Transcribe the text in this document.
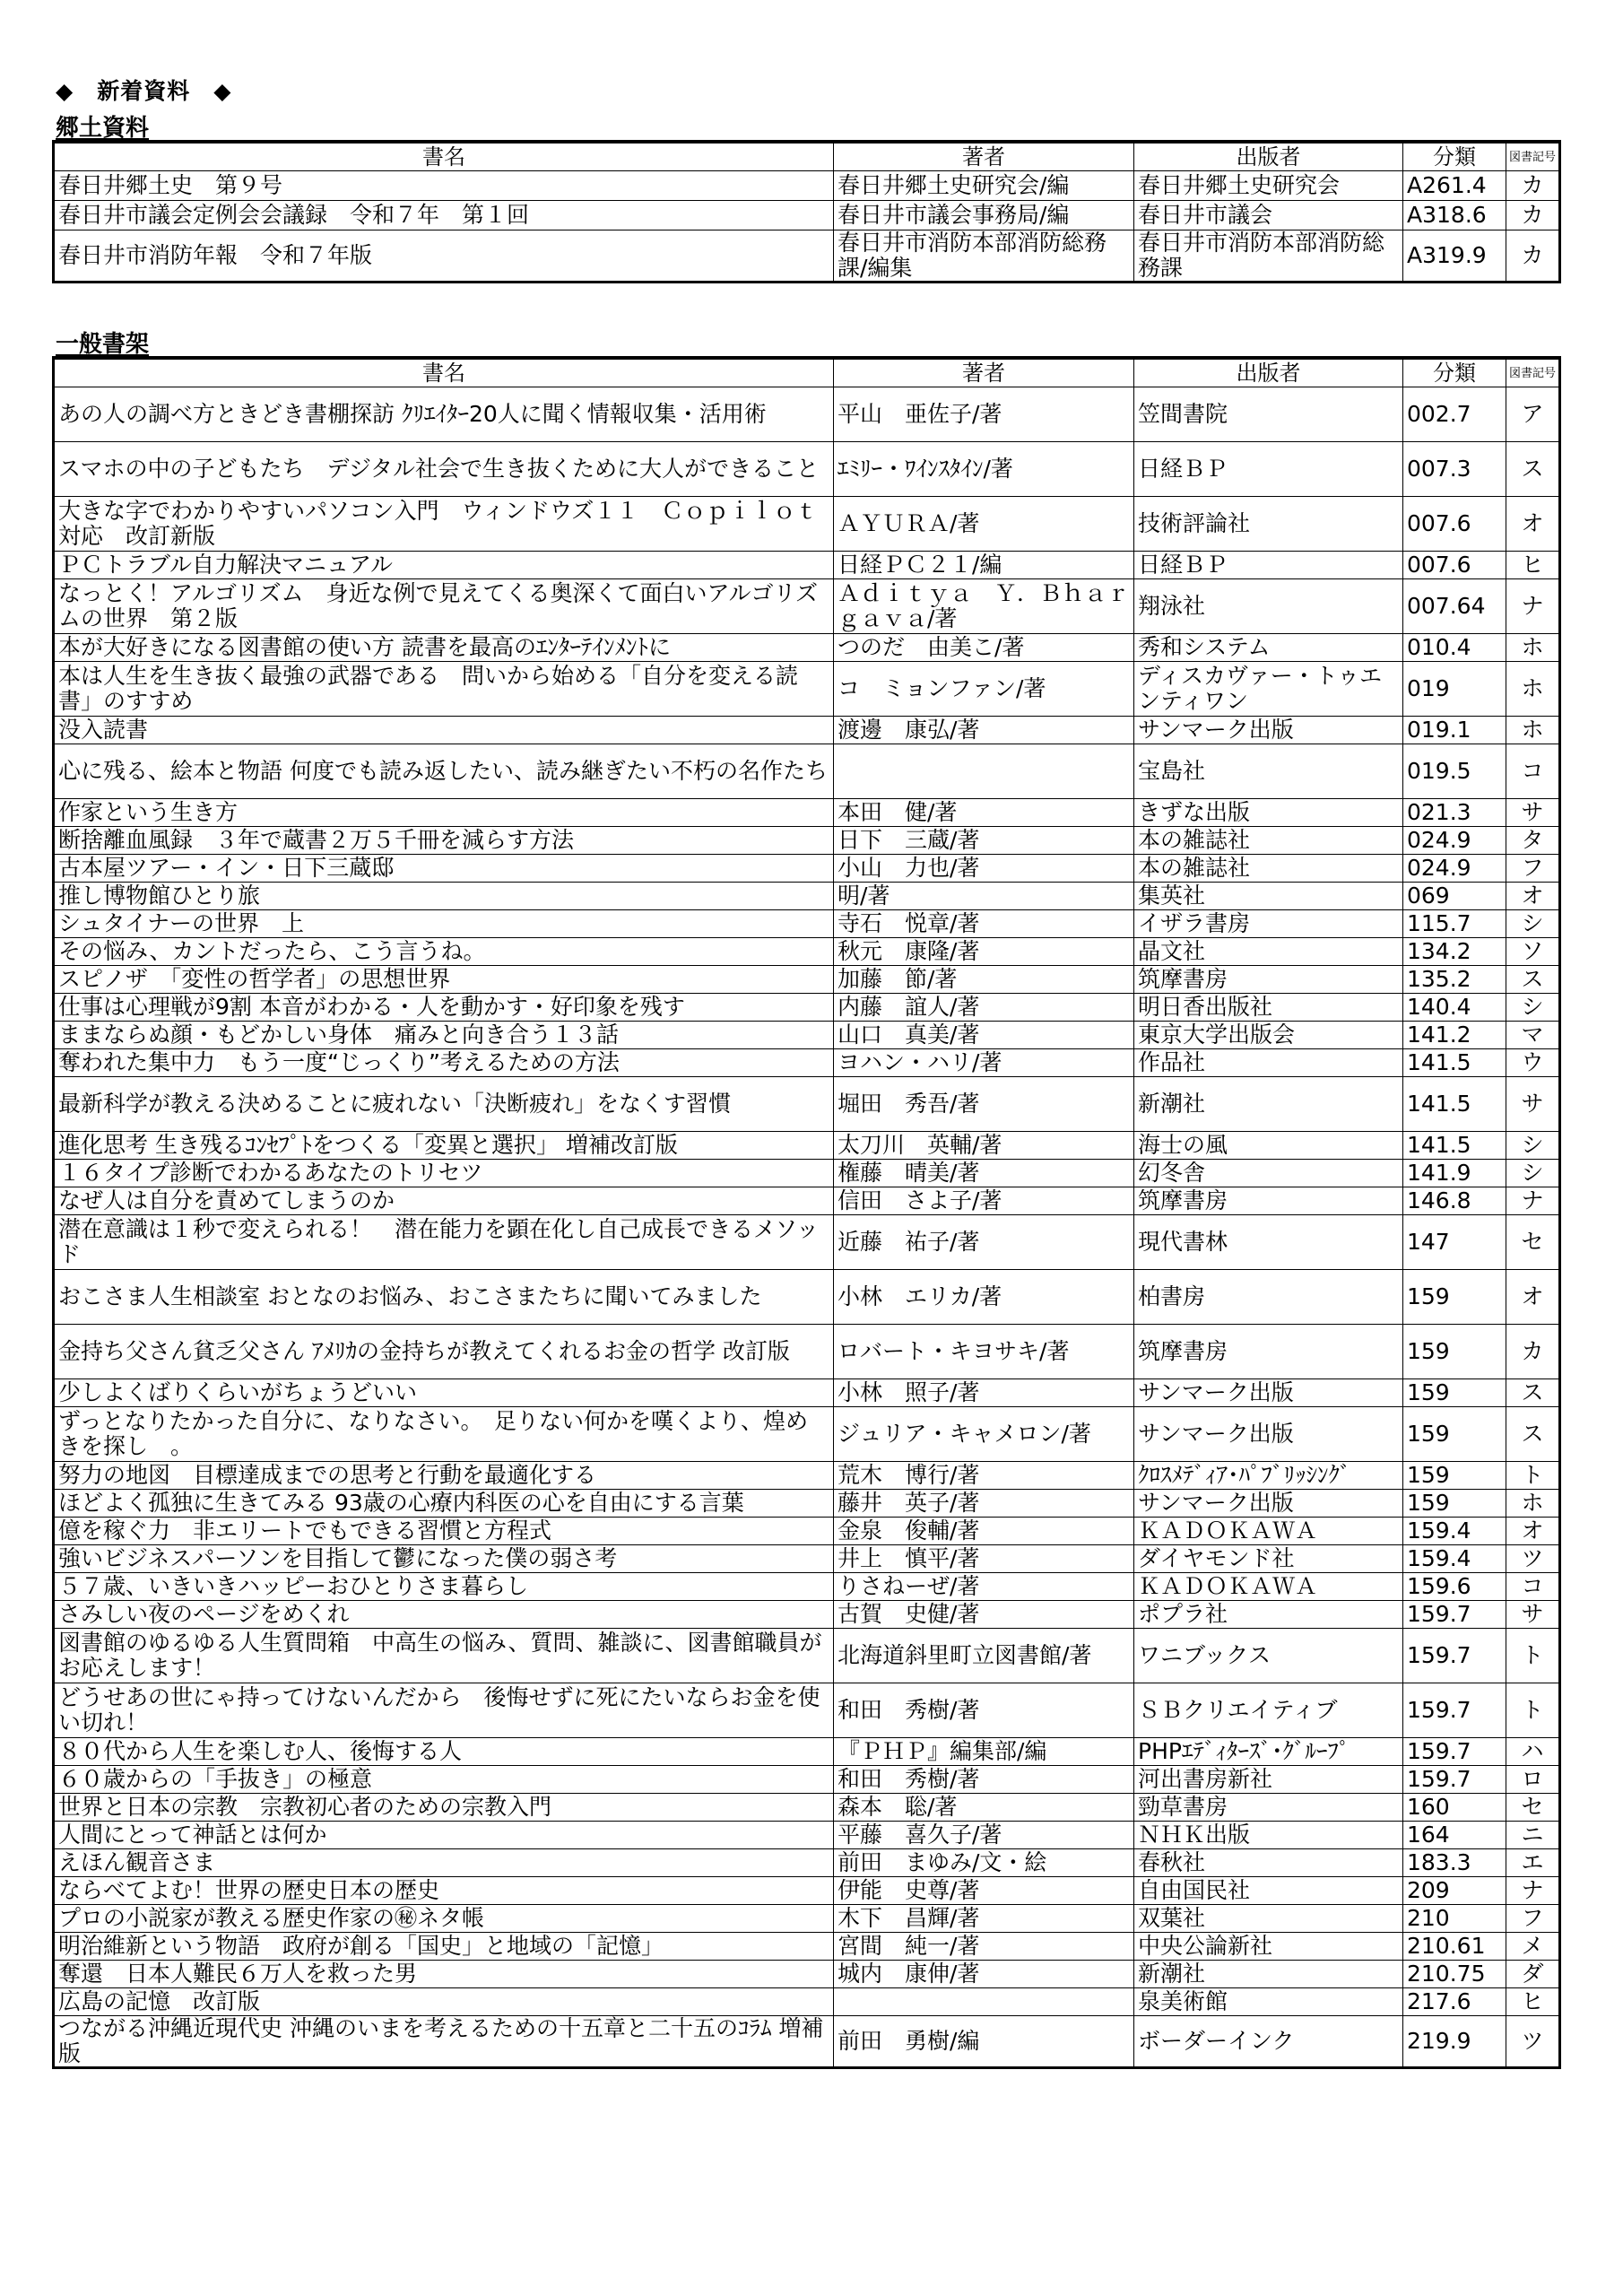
◆　新着資料　◆
郷土資料
書名	著者	出版者	分類	図書記号
春日井郷土史　第９号	春日井郷土史研究会/編	春日井郷土史研究会	A261.4	カ
春日井市議会定例会会議録　令和７年　第１回	春日井市議会事務局/編	春日井市議会	A318.6	カ
春日井市消防年報　令和７年版	春日井市消防本部消防総務課/編集	春日井市消防本部消防総務課	A319.9	カ
一般書架
書名	著者	出版者	分類	図書記号
あの人の調べ方ときどき書棚探訪 ｸﾘｴｲﾀｰ20人に聞く情報収集・活用術	平山　亜佐子/著	笠間書院	002.7	ア
スマホの中の子どもたち　デジタル社会で生き抜くために大人ができること	ｴﾐﾘｰ・ﾜｲﾝｽﾀｲﾝ/著	日経ＢＰ	007.3	ス
大きな字でわかりやすいパソコン入門　ウィンドウズ１１　Ｃｏｐｉｌｏｔ対応　改訂新版	ＡＹＵＲＡ/著	技術評論社	007.6	オ
ＰＣトラブル自力解決マニュアル	日経ＰＣ２１/編	日経ＢＰ	007.6	ヒ
なっとく！アルゴリズム　身近な例で見えてくる奥深くて面白いアルゴリズムの世界　第２版	Ａｄｉｔｙａ　Ｙ．Ｂｈａｒｇａｖａ/著	翔泳社	007.64	ナ
本が大好きになる図書館の使い方 読書を最高のｴﾝﾀｰﾃｲﾝﾒﾝﾄに	つのだ　由美こ/著	秀和システム	010.4	ホ
本は人生を生き抜く最強の武器である　問いから始める「自分を変える読書」のすすめ	コ　ミョンファン/著	ディスカヴァー・トゥエンティワン	019	ホ
没入読書	渡邊　康弘/著	サンマーク出版	019.1	ホ
心に残る、絵本と物語 何度でも読み返したい、読み継ぎたい不朽の名作たち		宝島社	019.5	コ
作家という生き方	本田　健/著	きずな出版	021.3	サ
断捨離血風録　３年で蔵書２万５千冊を減らす方法	日下　三蔵/著	本の雑誌社	024.9	タ
古本屋ツアー・イン・日下三蔵邸	小山　力也/著	本の雑誌社	024.9	フ
推し博物館ひとり旅	明/著	集英社	069	オ
シュタイナーの世界　上	寺石　悦章/著	イザラ書房	115.7	シ
その悩み、カントだったら、こう言うね。	秋元　康隆/著	晶文社	134.2	ソ
スピノザ　「変性の哲学者」の思想世界	加藤　節/著	筑摩書房	135.2	ス
仕事は心理戦が9割 本音がわかる・人を動かす・好印象を残す	内藤　誼人/著	明日香出版社	140.4	シ
ままならぬ顔・もどかしい身体　痛みと向き合う１３話	山口　真美/著	東京大学出版会	141.2	マ
奪われた集中力　もう一度“じっくり”考えるための方法	ヨハン・ハリ/著	作品社	141.5	ウ
最新科学が教える決めることに疲れない「決断疲れ」をなくす習慣	堀田　秀吾/著	新潮社	141.5	サ
進化思考 生き残るｺﾝｾﾌﾟﾄをつくる「変異と選択」 増補改訂版	太刀川　英輔/著	海士の風	141.5	シ
１６タイプ診断でわかるあなたのトリセツ	権藤　晴美/著	幻冬舎	141.9	シ
なぜ人は自分を責めてしまうのか	信田　さよ子/著	筑摩書房	146.8	ナ
潜在意識は１秒で変えられる！　潜在能力を顕在化し自己成長できるメソッド	近藤　祐子/著	現代書林	147	セ
おこさま人生相談室 おとなのお悩み、おこさまたちに聞いてみました	小林　エリカ/著	柏書房	159	オ
金持ち父さん貧乏父さん ｱﾒﾘｶの金持ちが教えてくれるお金の哲学 改訂版	ロバート・キヨサキ/著	筑摩書房	159	カ
少しよくばりくらいがちょうどいい	小林　照子/著	サンマーク出版	159	ス
ずっとなりたかった自分に、なりなさい。　足りない何かを嘆くより、煌めきを探し　。	ジュリア・キャメロン/著	サンマーク出版	159	ス
努力の地図　目標達成までの思考と行動を最適化する	荒木　博行/著	ｸﾛｽﾒﾃﾞｨｱ･ﾊﾟﾌﾞﾘｯｼﾝｸﾞ	159	ト
ほどよく孤独に生きてみる 93歳の心療内科医の心を自由にする言葉	藤井　英子/著	サンマーク出版	159	ホ
億を稼ぐ力　非エリートでもできる習慣と方程式	金泉　俊輔/著	ＫＡＤＯＫＡＷＡ	159.4	オ
強いビジネスパーソンを目指して鬱になった僕の弱さ考	井上　慎平/著	ダイヤモンド社	159.4	ツ
５７歳、いきいきハッピーおひとりさま暮らし	りさねーぜ/著	ＫＡＤＯＫＡＷＡ	159.6	コ
さみしい夜のページをめくれ	古賀　史健/著	ポプラ社	159.7	サ
図書館のゆるゆる人生質問箱　中高生の悩み、質問、雑談に、図書館職員がお応えします！	北海道斜里町立図書館/著	ワニブックス	159.7	ト
どうせあの世にゃ持ってけないんだから　後悔せずに死にたいならお金を使い切れ！	和田　秀樹/著	ＳＢクリエイティブ	159.7	ト
８０代から人生を楽しむ人、後悔する人	『ＰＨＰ』編集部/編	PHPｴﾃﾞｨﾀｰｽﾞ･ｸﾞﾙｰﾌﾟ	159.7	ハ
６０歳からの「手抜き」の極意	和田　秀樹/著	河出書房新社	159.7	ロ
世界と日本の宗教　宗教初心者のための宗教入門	森本　聡/著	勁草書房	160	セ
人間にとって神話とは何か	平藤　喜久子/著	ＮＨＫ出版	164	ニ
えほん観音さま	前田　まゆみ/文・絵	春秋社	183.3	エ
ならべてよむ！世界の歴史日本の歴史	伊能　史尊/著	自由国民社	209	ナ
プロの小説家が教える歴史作家の㊙ネタ帳	木下　昌輝/著	双葉社	210	フ
明治維新という物語　政府が創る「国史」と地域の「記憶」	宮間　純一/著	中央公論新社	210.61	メ
奪還　日本人難民６万人を救った男	城内　康伸/著	新潮社	210.75	ダ
広島の記憶　改訂版		泉美術館	217.6	ヒ
つながる沖縄近現代史 沖縄のいまを考えるための十五章と二十五のｺﾗﾑ 増補版	前田　勇樹/編	ボーダーインク	219.9	ツ
